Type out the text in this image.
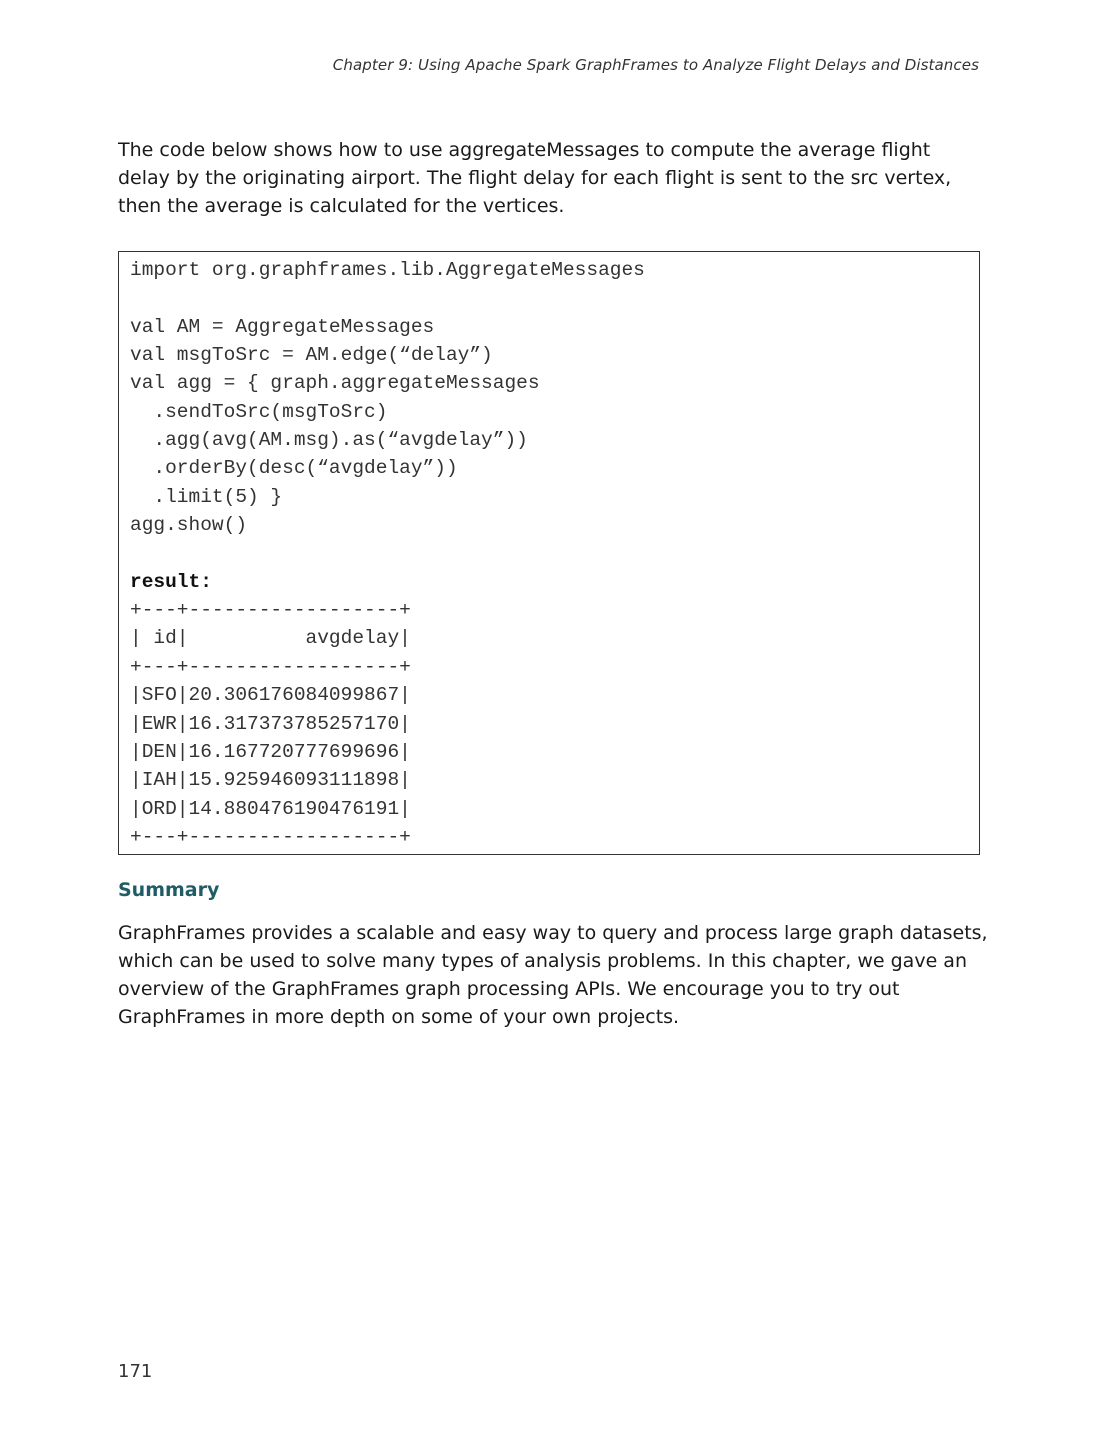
Chapter 9: Using Apache Spark GraphFrames to Analyze Flight Delays and Distances

The code below shows how to use aggregateMessages to compute the average flight delay by the originating airport. The flight delay for each flight is sent to the src vertex, then the average is calculated for the vertices.

import org.graphframes.lib.AggregateMessages
val AM = AggregateMessages
val msgToSrc = AM.edge(“delay”)
val agg = { graph.aggregateMessages
.sendToSrc(msgToSrc)
.agg(avg(AM.msg).as(“avgdelay”))
.orderBy(desc(“avgdelay”))
.limit(5) }
agg.show()
result:
+---+------------------+
| id|          avgdelay|
+---+------------------+
|SFO|20.306176084099867|
|EWR|16.317373785257170|
|DEN|16.167720777699696|
|IAH|15.925946093111898|
|ORD|14.880476190476191|
+---+------------------+
Summary

GraphFrames provides a scalable and easy way to query and process large graph datasets, which can be used to solve many types of analysis problems. In this chapter, we gave an overview of the GraphFrames graph processing APIs. We encourage you to try out GraphFrames in more depth on some of your own projects.

171
